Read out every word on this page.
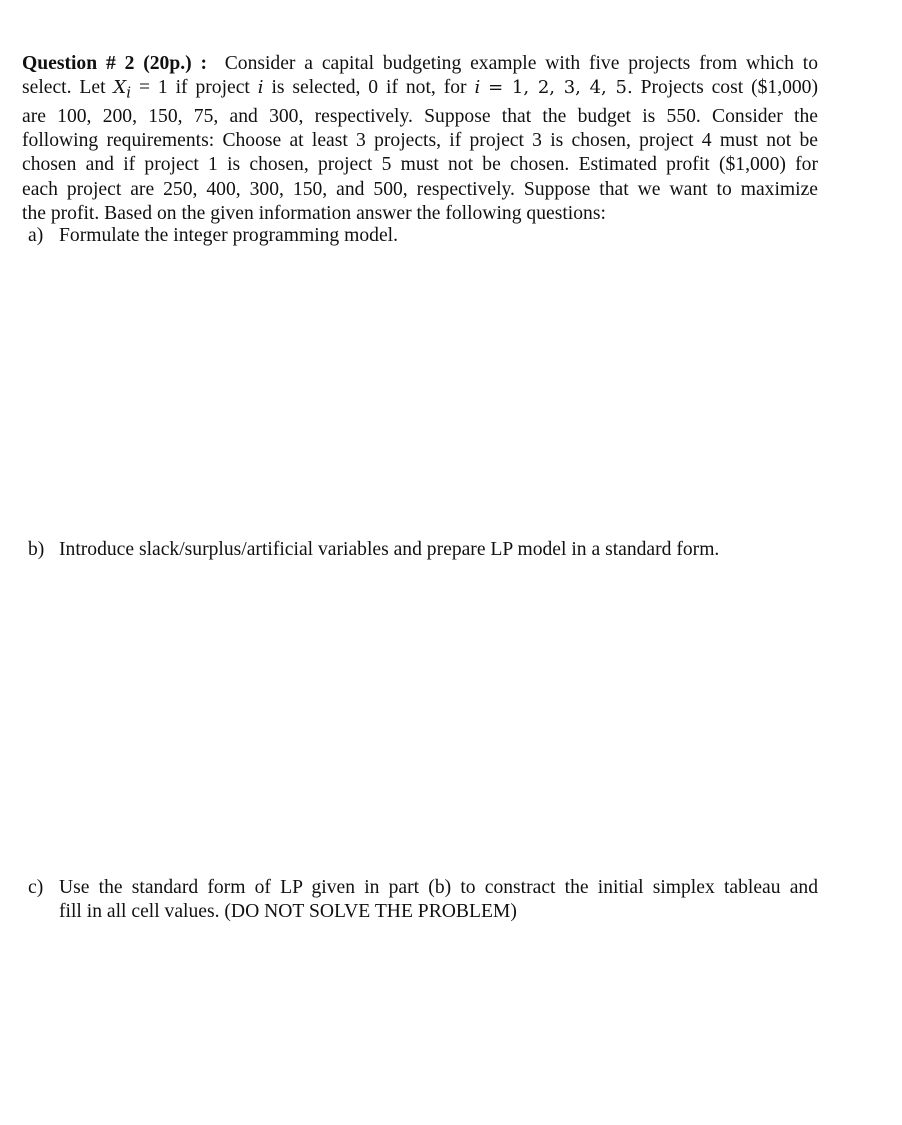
Question # 2 (20p.) : Consider a capital budgeting example with five projects from which to
select. Let $X_i = 1$ if project i is selected, 0 if not, for i = 1, 2, 3, 4, 5. Projects cost ($1,000)
are 100, 200, 150, 75, and 300, respectively. Suppose that the budget is 550. Consider the
following requirements: Choose at least 3 projects, if project 3 is chosen, project 4 must not be
chosen and if project 1 is chosen, project 5 must not be chosen. Estimated profit ($1,000) for
each project are 250, 400, 300, 150, and 500, respectively. Suppose that we want to maximize
the profit. Based on the given information answer the following questions:
a) Formulate the integer programming model.
b) Introduce slack/surplus/artificial variables and prepare LP model in a standard form.
c) Use the standard form of LP given in part (b) to constract the initial simplex tableau and
fill in all cell values. (DO NOT SOLVE THE PROBLEM)
